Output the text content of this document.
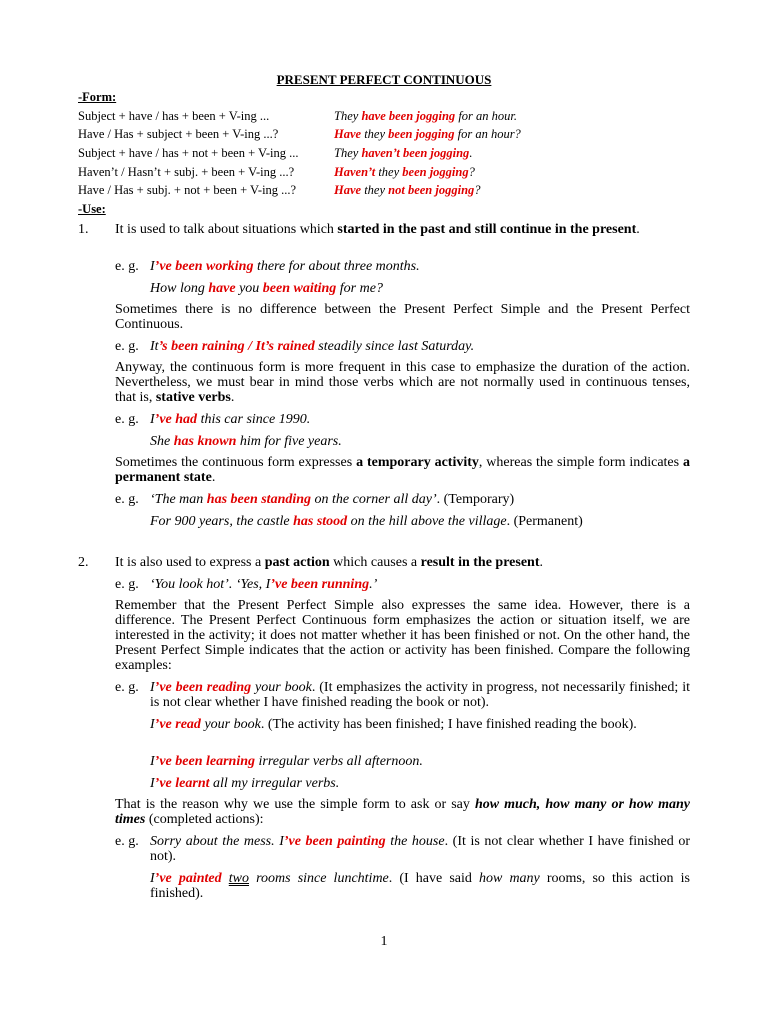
PRESENT PERFECT CONTINUOUS
-Form:
Subject + have / has + been + V-ing ...	They have been jogging for an hour.
Have / Has + subject + been + V-ing ...?	Have they been jogging for an hour?
Subject + have / has + not + been + V-ing ...	They haven’t been jogging.
Haven’t / Hasn’t + subj. + been + V-ing ...?	Haven’t they been jogging?
Have / Has + subj. + not + been + V-ing ...?	Have they not been jogging?
-Use:
1.
2.
It is used to talk about situations which started in the past and still continue in the present.
e. g. I’ve been working there for about three months.
How long have you been waiting for me?
Sometimes there is no difference between the Present Perfect Simple and the Present Perfect Continuous.
e. g. It’s been raining / It’s rained steadily since last Saturday.
Anyway, the continuous form is more frequent in this case to emphasize the duration of the action. Nevertheless, we must bear in mind those verbs which are not normally used in continuous tenses, that is, stative verbs.
e. g. I’ve had this car since 1990.
She has known him for five years.
Sometimes the continuous form expresses a temporary activity, whereas the simple form indicates a permanent state.
e. g. ‘The man has been standing on the corner all day’. (Temporary)
For 900 years, the castle has stood on the hill above the village. (Permanent)
It is also used to express a past action which causes a result in the present.
e. g. ‘You look hot’. ‘Yes, I’ve been running.’
Remember that the Present Perfect Simple also expresses the same idea. However, there is a difference. The Present Perfect Continuous form emphasizes the action or situation itself, we are interested in the activity; it does not matter whether it has been finished or not. On the other hand, the Present Perfect Simple indicates that the action or activity has been finished. Compare the following examples:
e. g. I’ve been reading your book. (It emphasizes the activity in progress, not necessarily finished; it is not clear whether I have finished reading the book or not).
I’ve read your book. (The activity has been finished; I have finished reading the book).
I’ve been learning irregular verbs all afternoon.
I’ve learnt all my irregular verbs.
That is the reason why we use the simple form to ask or say how much, how many or how many times (completed actions):
e. g. Sorry about the mess. I’ve been painting the house. (It is not clear whether I have finished or not).
I’ve painted two rooms since lunchtime. (I have said how many rooms, so this action is finished).
1
